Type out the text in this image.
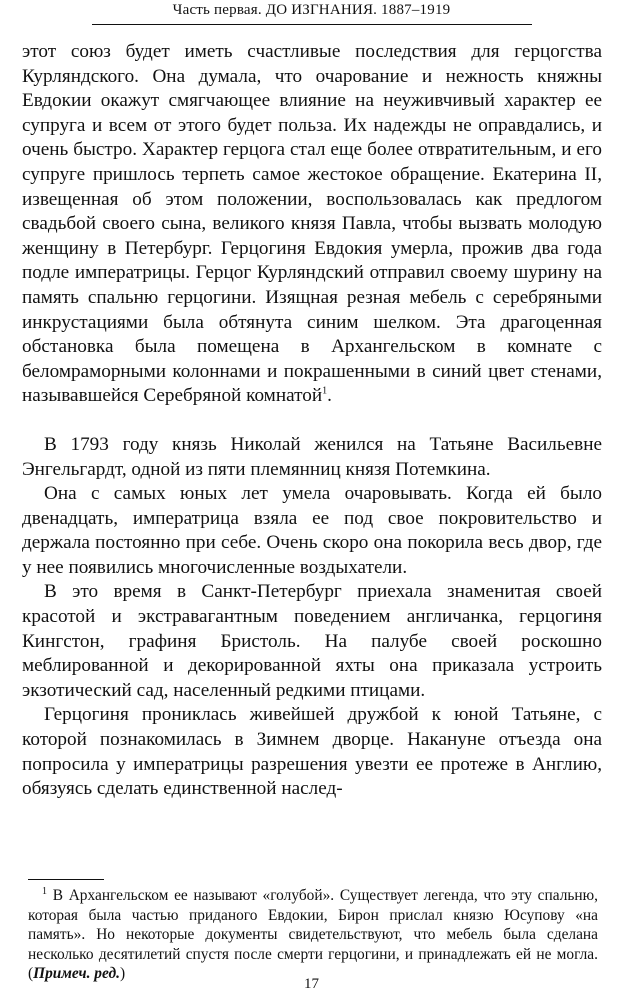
Часть первая. ДО ИЗГНАНИЯ. 1887–1919

этот союз будет иметь счастливые последствия для герцогства Курляндского. Она думала, что очарование и нежность княжны Евдокии окажут смягчающее влияние на неуживчивый характер ее супруга и всем от этого будет польза. Их надежды не оправдались, и очень быстро. Характер герцога стал еще более отвратительным, и его супруге пришлось терпеть самое жестокое обращение. Екатерина II, извещенная об этом положении, воспользовалась как предлогом свадьбой своего сына, великого князя Павла, чтобы вызвать молодую женщину в Петербург. Герцогиня Евдокия умерла, прожив два года подле императрицы. Герцог Курляндский отправил своему шурину на память спальню герцогини. Изящная резная мебель с серебряными инкрустациями была обтянута синим шелком. Эта драгоценная обстановка была помещена в Архангельском в комнате с беломраморными колоннами и покрашенными в синий цвет стенами, называвшейся Серебряной комнатой$^1$.

В 1793 году князь Николай женился на Татьяне Васильевне Энгельгардт, одной из пяти племянниц князя Потемкина.

Она с самых юных лет умела очаровывать. Когда ей было двенадцать, императрица взяла ее под свое покровительство и держала постоянно при себе. Очень скоро она покорила весь двор, где у нее появились многочисленные воздыхатели.

В это время в Санкт-Петербург приехала знаменитая своей красотой и экстравагантным поведением англичанка, герцогиня Кингстон, графиня Бристоль. На палубе своей роскошно меблированной и декорированной яхты она приказала устроить экзотический сад, населенный редкими птицами.

Герцогиня прониклась живейшей дружбой к юной Татьяне, с которой познакомилась в Зимнем дворце. Накануне отъезда она попросила у императрицы разрешения увезти ее протеже в Англию, обязуясь сделать единственной наслед-

$^1$ В Архангельском ее называют «голубой». Существует легенда, что эту спальню, которая была частью приданого Евдокии, Бирон прислал князю Юсупову «на память». Но некоторые документы свидетельствуют, что мебель была сделана несколько десятилетий спустя после смерти герцогини, и принадлежать ей не могла. (Примеч. ред.)
17
